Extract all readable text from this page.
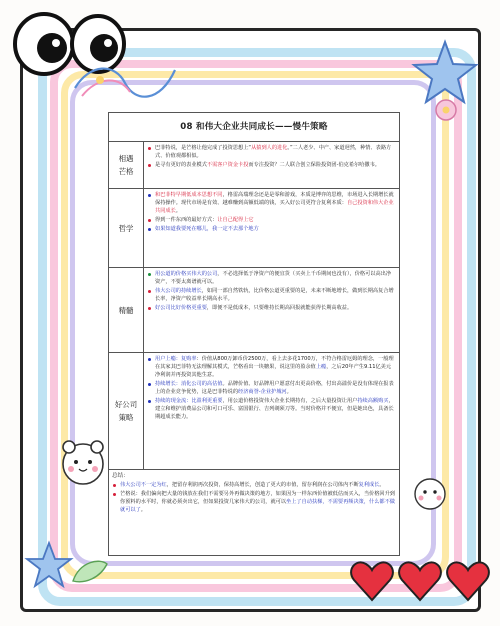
08 和伟大企业共同成长——慢牛策略
相遇
芒格
巴菲特说，是芒格让他完成了投资思想上“从猿到人的进化。”二人老少、中产、家道迥然，种情、表路方式、价值观都相似。
是寻有更好的表业模式不需客户资金卡投而专注投资？二人联合创立保险投资团-伯克希尔哈撒韦。
哲学
和巴菲特早期低成本思想不同，格雷高瑞理念还是是零和游戏，本质是博弈的思维，市场进入长期增长就保持操作。现代市场是有效、越难赚到高额低端的钱，买入好公司更符合复利本质：自己投资和伟大企业共同成长。
得到一件东西的最好方式：让自己配得上它
如果知道我要死在哪儿，我一定不去那个地方
精髓
用公道的价格买伟大的公司，不必选择低于净资产的便宜货（买卖上千币期间也没有），价格可以高出净资产，不要太离谱就可以。
伟大公司的持续增长，如同一部自然铁轨，比价格公道更重要的是，未来不断地增长，做到长期高复合增长率，净资产收益率长期高水平。
好公司比好价格更重要，即便不是低成本，只要维持长期高回报就能获得长期高收益。
好公司
策略
用户上瘾：复购率：价值从800万卸币价2500万，看上去多花1700万，不符合格雷厄姆的理念，一般理在其家其巴菲特无法理解其模式，芒格看出一块糖果，说这里的盈余值上瘾，之后20年产生9.11亿美元净利润并再投资其他生意。
持续增长：消化公司的高估值。品牌价值、好品牌用户愿意付出更高价格，付出高溢价是没有体现在报表上的企业竞争优势，这是巴菲特说的经济商誉-企业护城河。
持续的现金流：比盈利更重要，用公道价格投资伟大企业长期持有，之后大量投资让用户持续高额购买，建立和维护消费品公司和可口可乐、富国银行、吉列剃须刀等。当时价格并不便宜，但是她出色，具备长期超成长能力。
总结：
伟大公司不一定为红，把留存利润再次投资，保持高增长，创造了更大的市值，留存利润在公司体内不断复利成长。
芒格说：我们偏向把大量的钱放在我们不需要另外再做决策的地方，如果因为一样东西价值被低估而买入，当价格回升到你预料的水平时，你就必须卖出它，但如果投资几家伟大的公司，就可以坐上了自动扶梯，不需要再频决策，什么都不做就可以了。
